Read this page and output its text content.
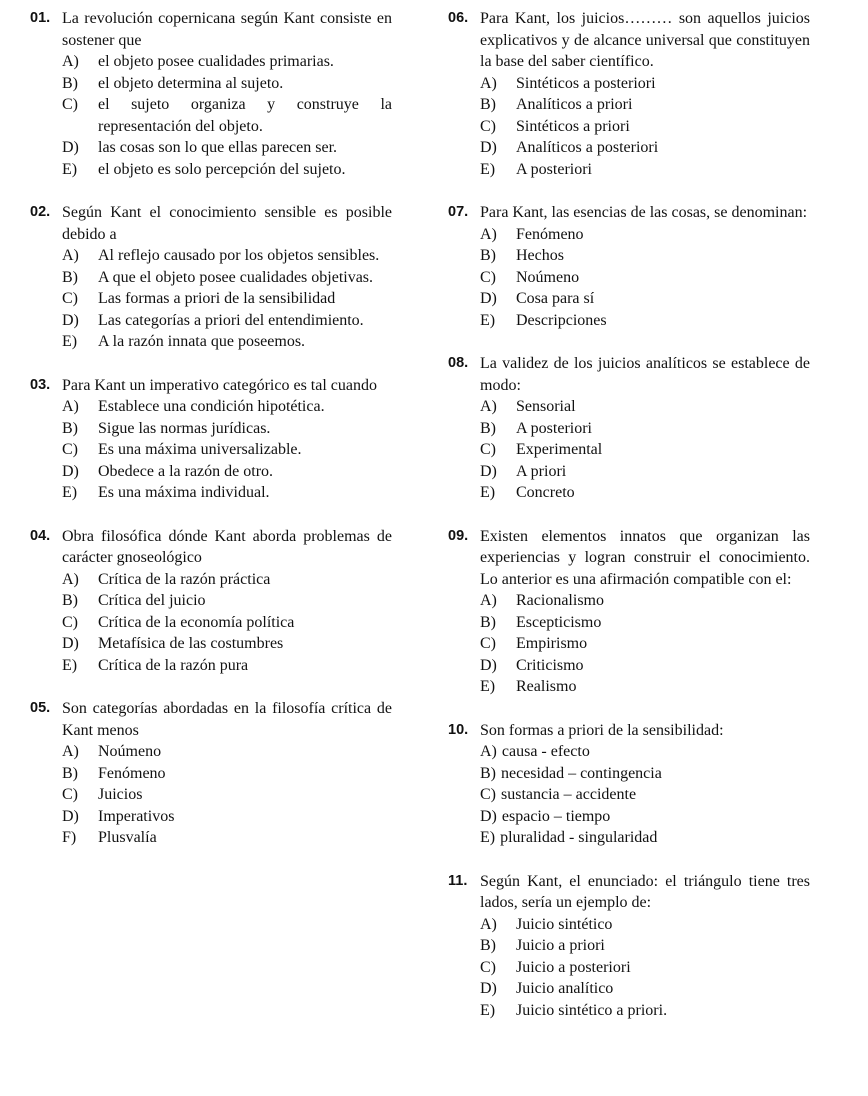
01. La revolución copernicana según Kant consiste en sostener que
A)	el objeto posee cualidades primarias.
B)	el objeto determina al sujeto.
C)	el sujeto organiza y construye la representación del objeto.
D)	las cosas son lo que ellas parecen ser.
E)	el objeto es solo percepción del sujeto.
02. Según Kant el conocimiento sensible es posible debido a
A)	Al reflejo causado por los objetos sensibles.
B)	A que el objeto posee cualidades objetivas.
C)	Las formas a priori de la sensibilidad
D)	Las categorías a priori del entendimiento.
E)	A la razón innata que poseemos.
03. Para Kant un imperativo categórico es tal cuando
A)	Establece una condición hipotética.
B)	Sigue las normas jurídicas.
C)	Es una máxima universalizable.
D)	Obedece a la razón de otro.
E)	Es una máxima individual.
04. Obra filosófica dónde Kant aborda problemas de carácter gnoseológico
A)	Crítica de la razón práctica
B)	Crítica del juicio
C)	Crítica de la economía política
D)	Metafísica de las costumbres
E)	Crítica de la razón pura
05. Son categorías abordadas en la filosofía crítica de Kant menos
A)	Noúmeno
B)	Fenómeno
C)	Juicios
D)	Imperativos
F)	Plusvalía
06. Para Kant, los juicios……… son aquellos juicios explicativos y de alcance universal que constituyen la base del saber científico.
A)	Sintéticos a posteriori
B)	Analíticos a priori
C)	Sintéticos a priori
D)	Analíticos a posteriori
E)	A posteriori
07. Para Kant, las esencias de las cosas, se denominan:
A)	Fenómeno
B)	Hechos
C)	Noúmeno
D)	Cosa para sí
E)	Descripciones
08. La validez de los juicios analíticos se establece de modo:
A)	Sensorial
B)	A posteriori
C)	Experimental
D)	A priori
E)	Concreto
09. Existen elementos innatos que organizan las experiencias y logran construir el conocimiento. Lo anterior es una afirmación compatible con el:
A)	Racionalismo
B)	Escepticismo
C)	Empirismo
D)	Criticismo
E)	Realismo
10. Son formas a priori de la sensibilidad:
A) causa - efecto
B) necesidad – contingencia
C) sustancia – accidente
D) espacio – tiempo
E) pluralidad - singularidad
11. Según Kant, el enunciado: el triángulo tiene tres lados, sería un ejemplo de:
A)	Juicio sintético
B)	Juicio a priori
C)	Juicio a posteriori
D)	Juicio analítico
E)	Juicio sintético a priori.
